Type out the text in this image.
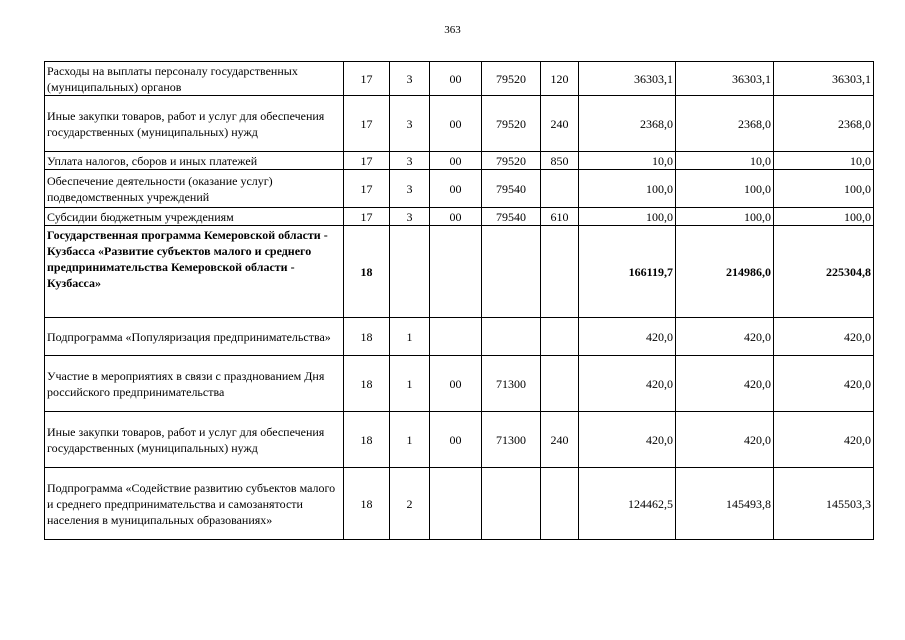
363
Расходы на выплаты персоналу государственных (муниципальных) органов	17	3	00	79520	120	36303,1	36303,1	36303,1
Иные закупки товаров, работ и услуг для обеспечения государственных (муниципальных) нужд	17	3	00	79520	240	2368,0	2368,0	2368,0
Уплата налогов, сборов и иных платежей	17	3	00	79520	850	10,0	10,0	10,0
Обеспечение деятельности (оказание услуг) подведомственных учреждений	17	3	00	79540		100,0	100,0	100,0
Субсидии бюджетным учреждениям	17	3	00	79540	610	100,0	100,0	100,0
Государственная программа Кемеровской области - Кузбасса «Развитие субъектов малого и среднего предпринимательства Кемеровской области - Кузбасса»	18					166119,7	214986,0	225304,8
Подпрограмма «Популяризация предпринимательства»	18	1				420,0	420,0	420,0
Участие в мероприятиях в связи с празднованием Дня российского предпринимательства	18	1	00	71300		420,0	420,0	420,0
Иные закупки товаров, работ и услуг для обеспечения государственных (муниципальных) нужд	18	1	00	71300	240	420,0	420,0	420,0
Подпрограмма «Содействие развитию субъектов малого и среднего предпринимательства и самозанятости населения в муниципальных образованиях»	18	2				124462,5	145493,8	145503,3
